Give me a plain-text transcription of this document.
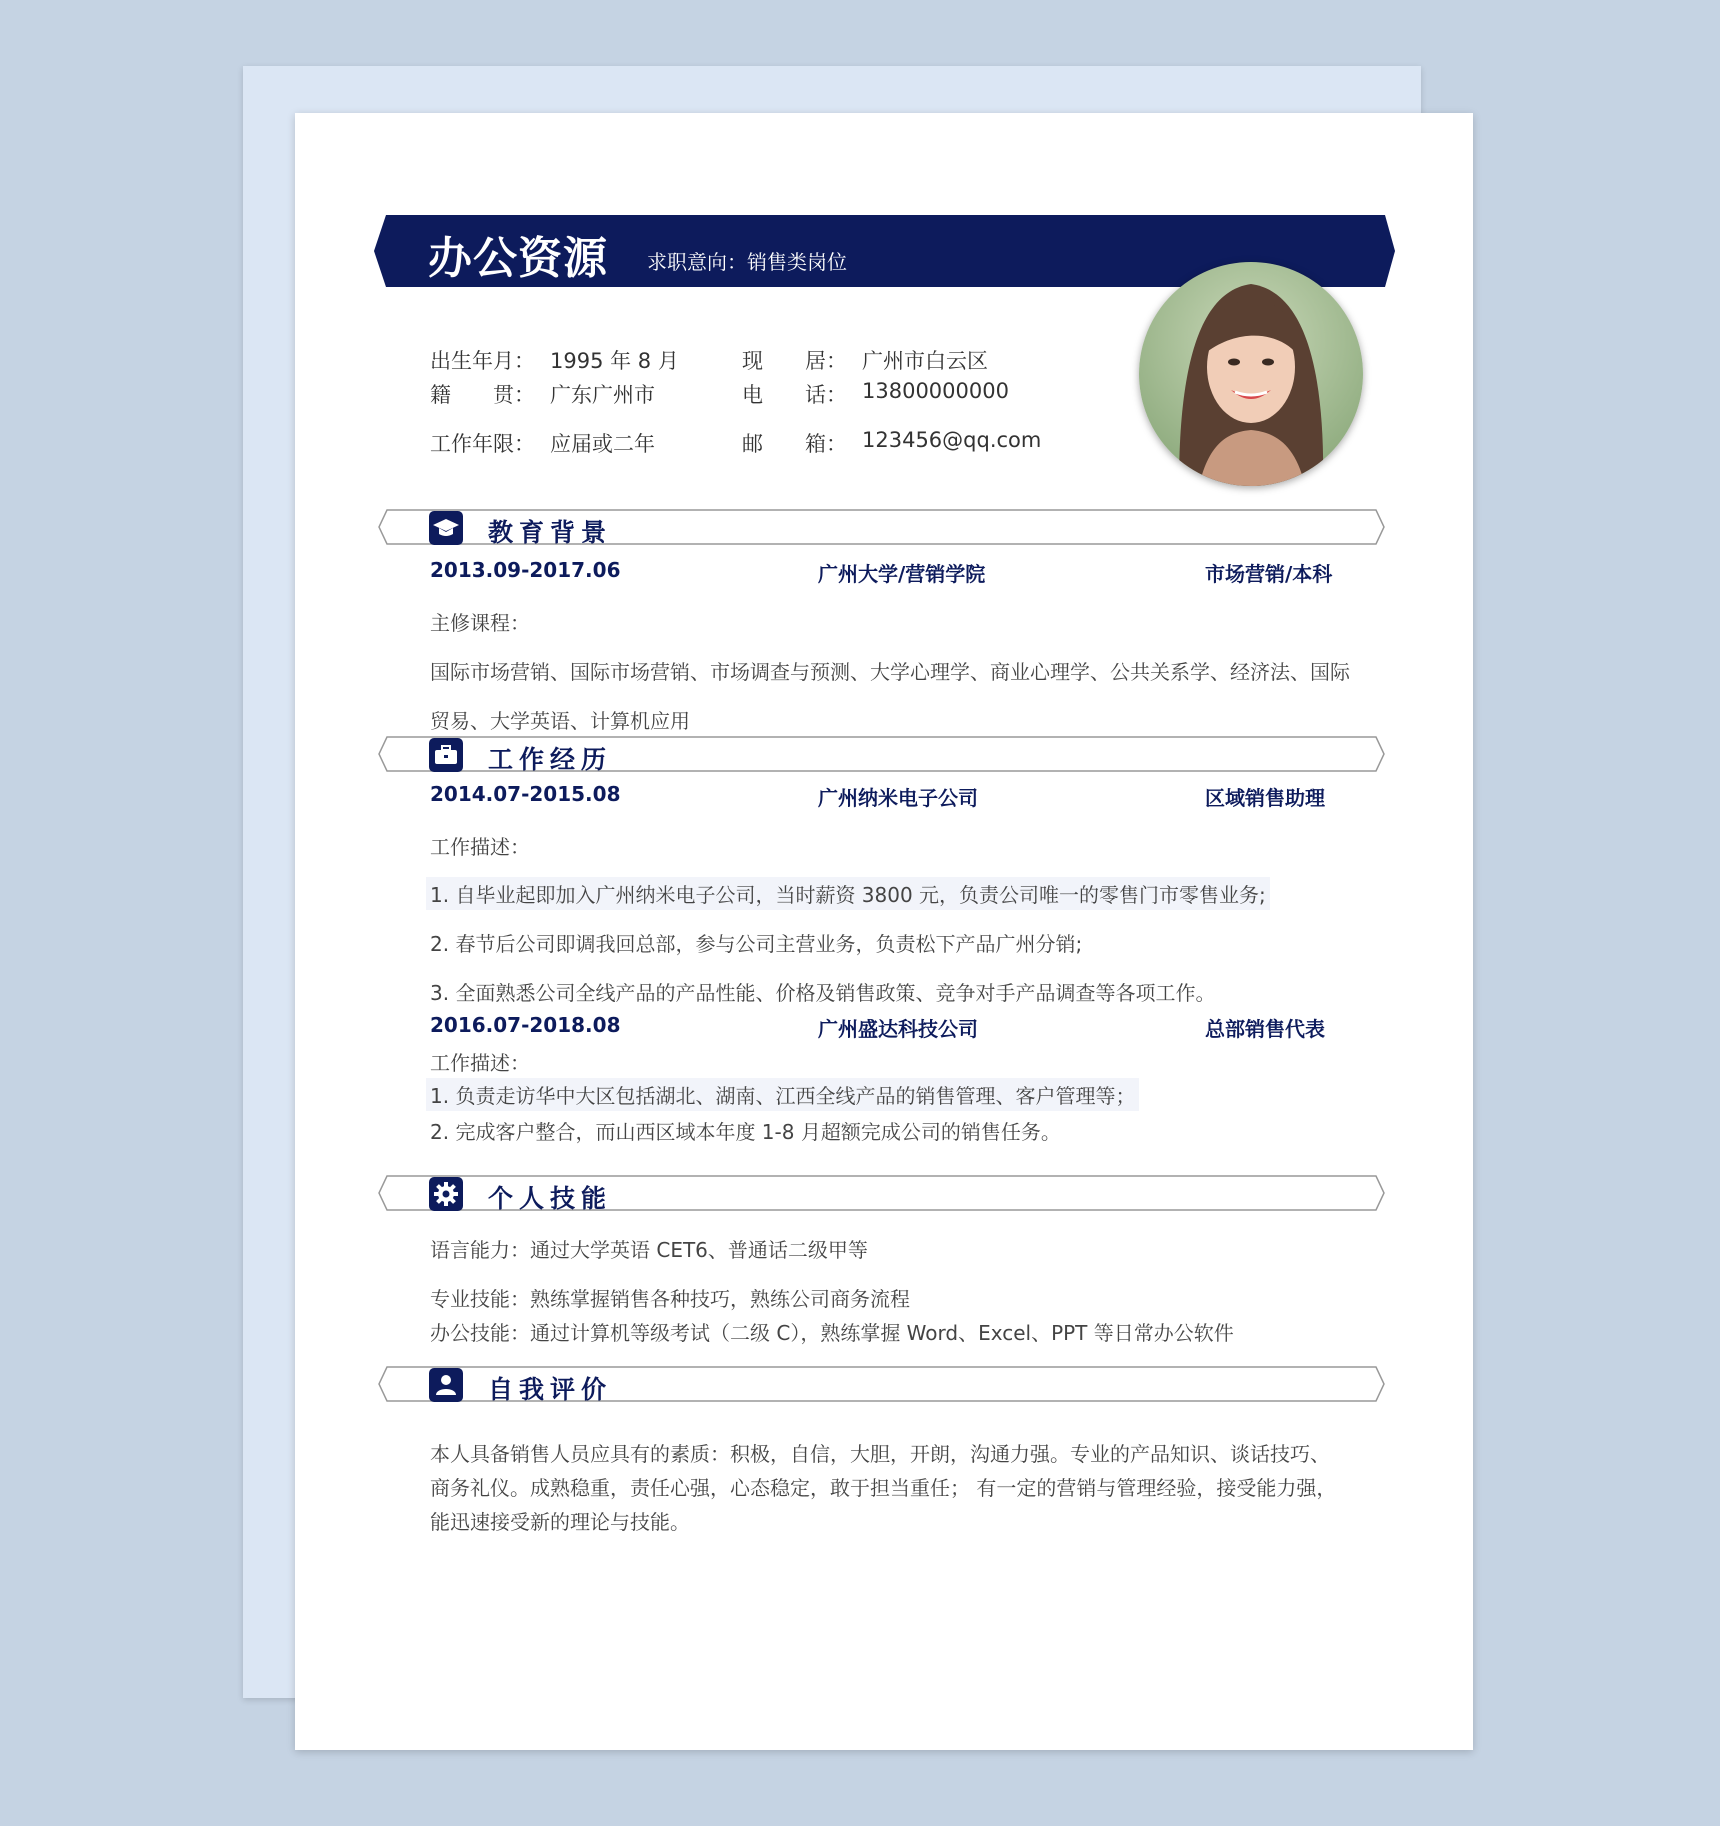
办公资源 求职意向：销售类岗位
出生年月： 1995 年 8 月	现　　居： 广州市白云区
籍　　贯： 广东广州市	电　　话： 13800000000
工作年限： 应届或二年	邮　　箱： 123456@qq.com
教育背景
2013.09-2017.06	广州大学/营销学院	市场营销/本科
主修课程：
国际市场营销、国际市场营销、市场调查与预测、大学心理学、商业心理学、公共关系学、经济法、国际
贸易、大学英语、计算机应用
工作经历
2014.07-2015.08	广州纳米电子公司	区域销售助理
工作描述：
1. 自毕业起即加入广州纳米电子公司，当时薪资 3800 元，负责公司唯一的零售门市零售业务;
2. 春节后公司即调我回总部，参与公司主营业务，负责松下产品广州分销;
3. 全面熟悉公司全线产品的产品性能、价格及销售政策、竞争对手产品调查等各项工作。
2016.07-2018.08	广州盛达科技公司	总部销售代表
工作描述：
1. 负责走访华中大区包括湖北、湖南、江西全线产品的销售管理、客户管理等；
2. 完成客户整合，而山西区域本年度 1-8 月超额完成公司的销售任务。
个人技能
语言能力：通过大学英语 CET6、普通话二级甲等
专业技能：熟练掌握销售各种技巧，熟练公司商务流程
办公技能：通过计算机等级考试（二级 C），熟练掌握 Word、Excel、PPT 等日常办公软件
自我评价
本人具备销售人员应具有的素质：积极，自信，大胆，开朗，沟通力强。专业的产品知识、谈话技巧、
商务礼仪。成熟稳重，责任心强，心态稳定，敢于担当重任； 有一定的营销与管理经验，接受能力强，
能迅速接受新的理论与技能。
